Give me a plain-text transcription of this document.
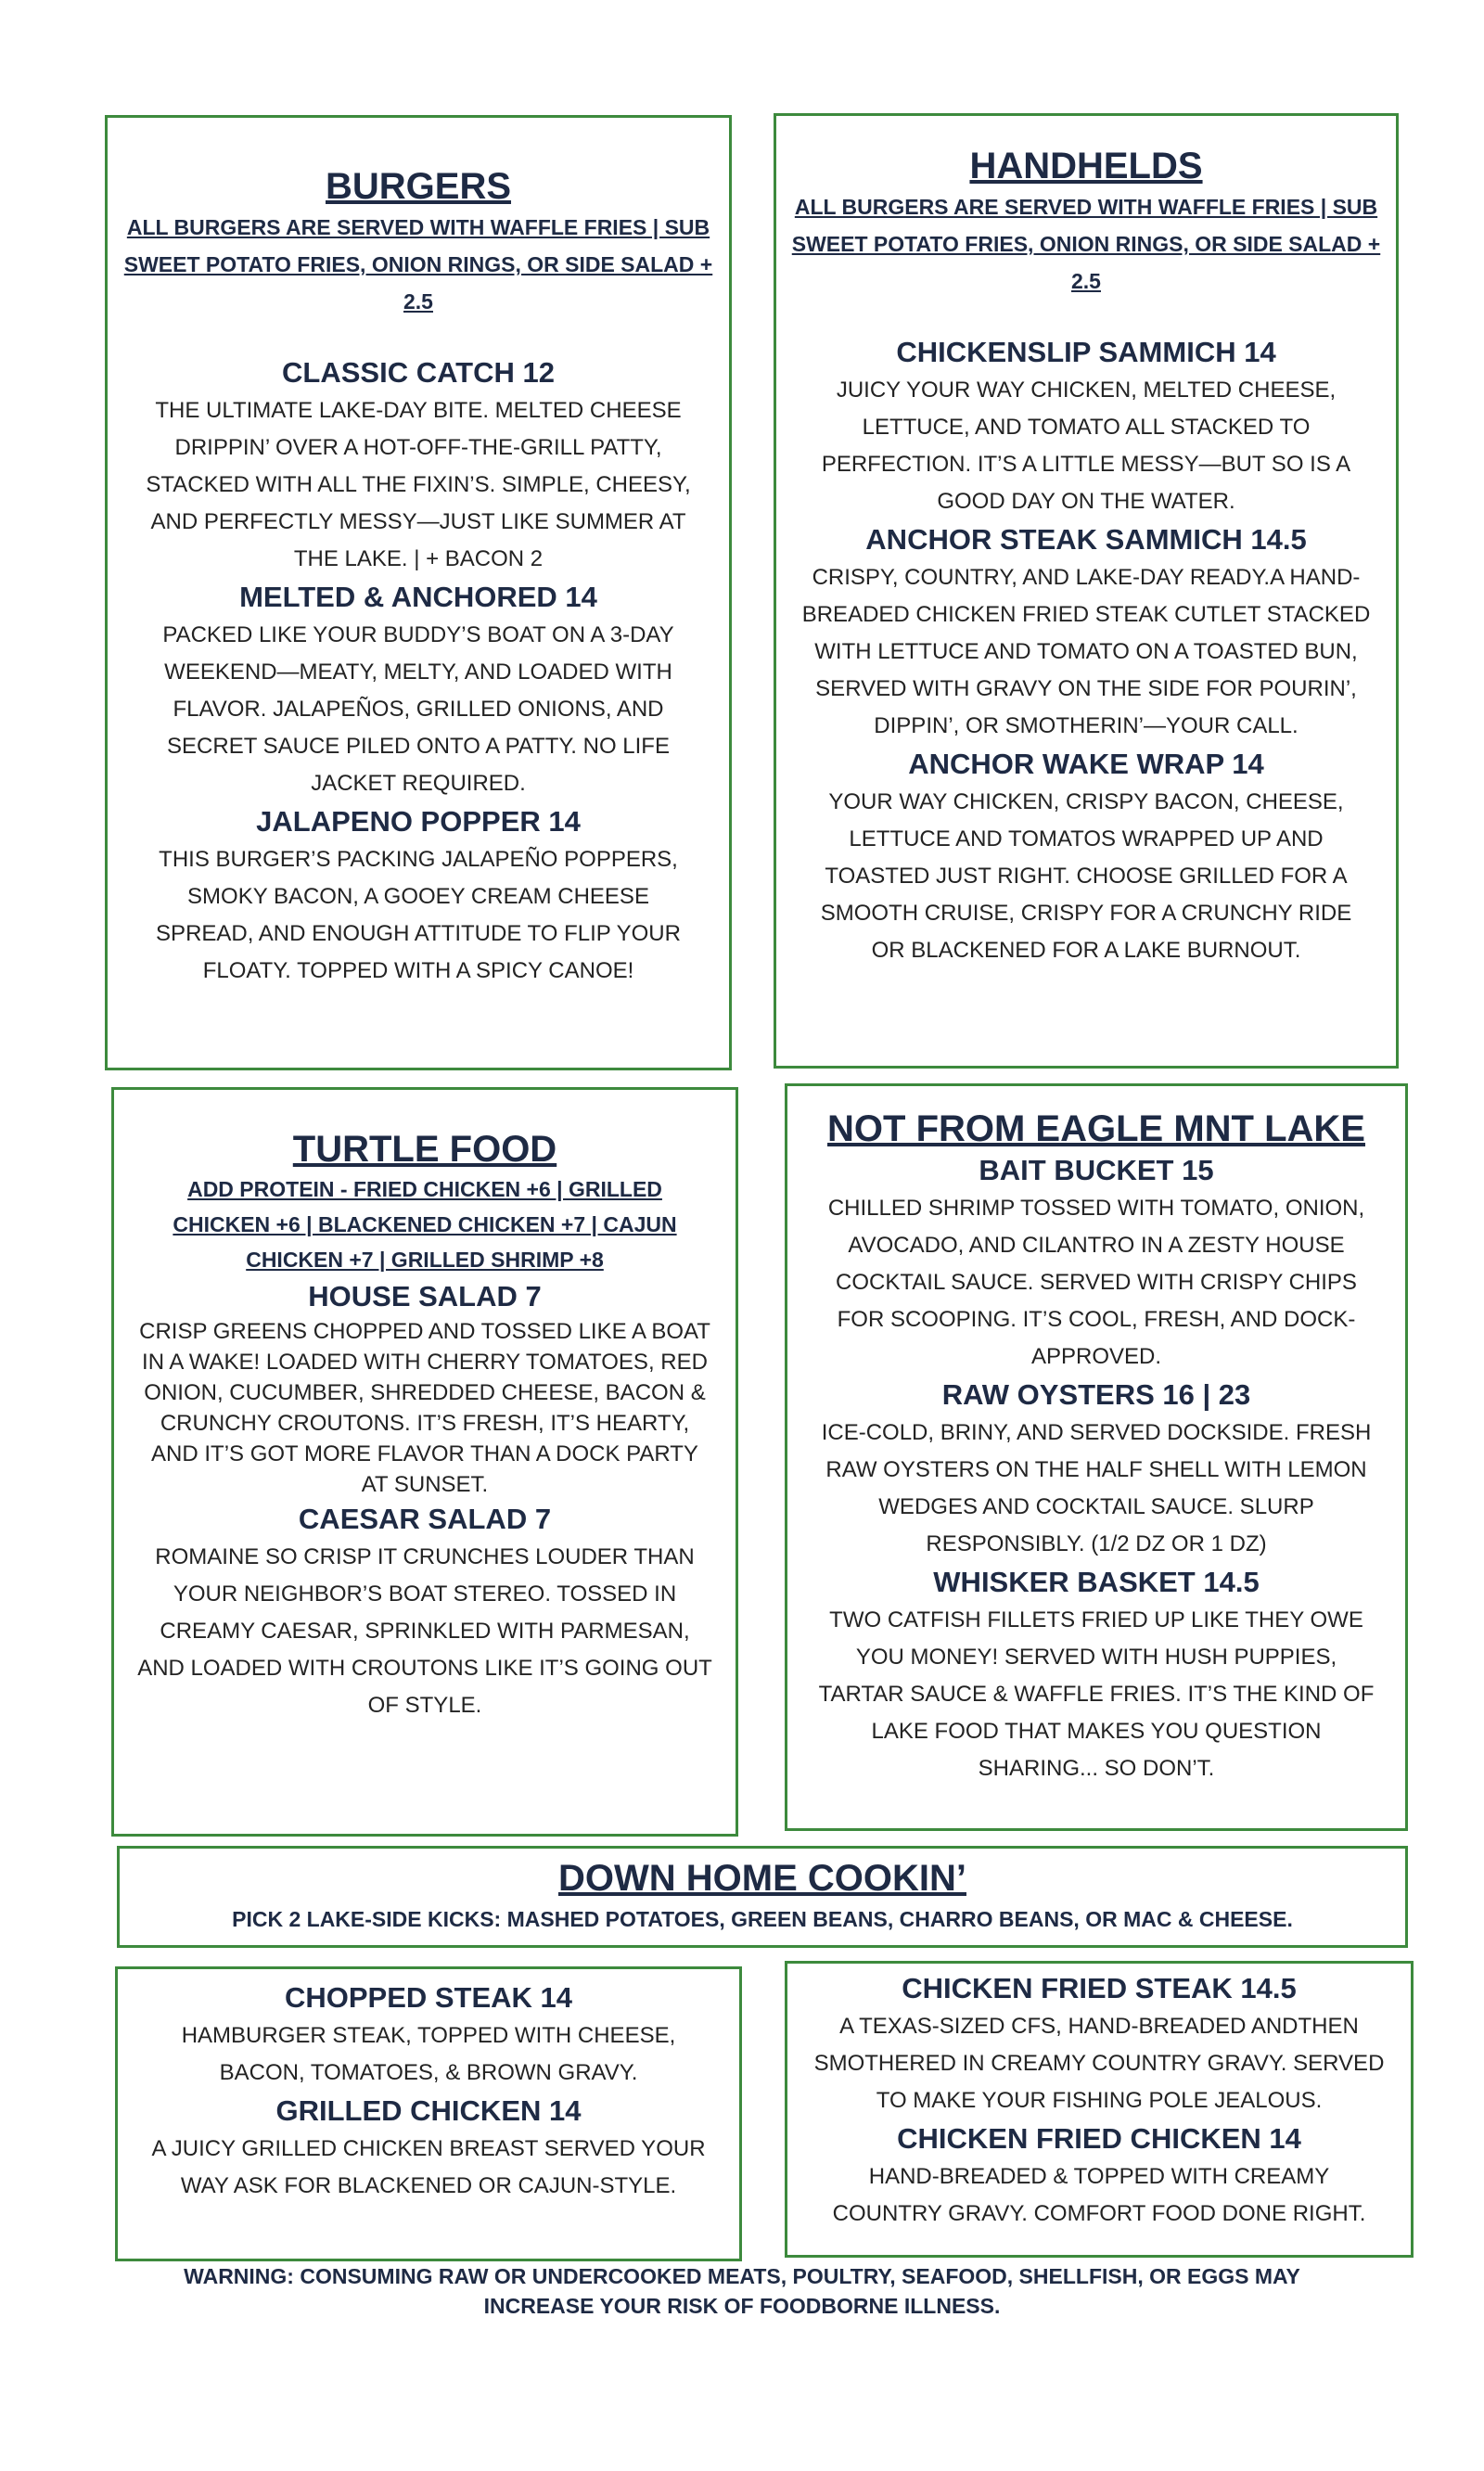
BURGERS

ALL BURGERS ARE SERVED WITH WAFFLE FRIES | SUB SWEET POTATO FRIES, ONION RINGS, OR SIDE SALAD + 2.5

CLASSIC CATCH 12

THE ULTIMATE LAKE-DAY BITE. MELTED CHEESE DRIPPIN’ OVER A HOT-OFF-THE-GRILL PATTY, STACKED WITH ALL THE FIXIN’S. SIMPLE, CHEESY, AND PERFECTLY MESSY—JUST LIKE SUMMER AT THE LAKE. | + BACON 2

MELTED & ANCHORED 14

PACKED LIKE YOUR BUDDY’S BOAT ON A 3-DAY WEEKEND—MEATY, MELTY, AND LOADED WITH FLAVOR. JALAPEÑOS, GRILLED ONIONS, AND SECRET SAUCE PILED ONTO A PATTY. NO LIFE JACKET REQUIRED.

JALAPENO POPPER 14

THIS BURGER’S PACKING JALAPEÑO POPPERS, SMOKY BACON, A GOOEY CREAM CHEESE SPREAD, AND ENOUGH ATTITUDE TO FLIP YOUR FLOATY. TOPPED WITH A SPICY CANOE!

HANDHELDS

ALL BURGERS ARE SERVED WITH WAFFLE FRIES | SUB SWEET POTATO FRIES, ONION RINGS, OR SIDE SALAD + 2.5

CHICKENSLIP SAMMICH 14

JUICY YOUR WAY CHICKEN, MELTED CHEESE, LETTUCE, AND TOMATO ALL STACKED TO PERFECTION. IT’S A LITTLE MESSY—BUT SO IS A GOOD DAY ON THE WATER.

ANCHOR STEAK SAMMICH 14.5

CRISPY, COUNTRY, AND LAKE-DAY READY.A HAND-BREADED CHICKEN FRIED STEAK CUTLET STACKED WITH LETTUCE AND TOMATO ON A TOASTED BUN, SERVED WITH GRAVY ON THE SIDE FOR POURIN’, DIPPIN’, OR SMOTHERIN’—YOUR CALL.

ANCHOR WAKE WRAP 14

YOUR WAY CHICKEN, CRISPY BACON, CHEESE, LETTUCE AND TOMATOS WRAPPED UP AND TOASTED JUST RIGHT. CHOOSE GRILLED FOR A SMOOTH CRUISE, CRISPY FOR A CRUNCHY RIDE OR BLACKENED FOR A LAKE BURNOUT.

TURTLE FOOD

ADD PROTEIN - FRIED CHICKEN +6 | GRILLED CHICKEN +6 | BLACKENED CHICKEN +7 | CAJUN CHICKEN +7 | GRILLED SHRIMP +8

HOUSE SALAD 7

CRISP GREENS CHOPPED AND TOSSED LIKE A BOAT IN A WAKE! LOADED WITH CHERRY TOMATOES, RED ONION, CUCUMBER, SHREDDED CHEESE, BACON & CRUNCHY CROUTONS. IT’S FRESH, IT’S HEARTY, AND IT’S GOT MORE FLAVOR THAN A DOCK PARTY AT SUNSET.

CAESAR SALAD 7

ROMAINE SO CRISP IT CRUNCHES LOUDER THAN YOUR NEIGHBOR’S BOAT STEREO. TOSSED IN CREAMY CAESAR, SPRINKLED WITH PARMESAN, AND LOADED WITH CROUTONS LIKE IT’S GOING OUT OF STYLE.

NOT FROM EAGLE MNT LAKE
BAIT BUCKET 15

CHILLED SHRIMP TOSSED WITH TOMATO, ONION, AVOCADO, AND CILANTRO IN A ZESTY HOUSE COCKTAIL SAUCE. SERVED WITH CRISPY CHIPS FOR SCOOPING. IT’S COOL, FRESH, AND DOCK-APPROVED.

RAW OYSTERS 16 | 23

ICE-COLD, BRINY, AND SERVED DOCKSIDE. FRESH RAW OYSTERS ON THE HALF SHELL WITH LEMON WEDGES AND COCKTAIL SAUCE. SLURP RESPONSIBLY. (1/2 DZ OR 1 DZ)

WHISKER BASKET 14.5

TWO CATFISH FILLETS FRIED UP LIKE THEY OWE YOU MONEY! SERVED WITH HUSH PUPPIES, TARTAR SAUCE & WAFFLE FRIES. IT’S THE KIND OF LAKE FOOD THAT MAKES YOU QUESTION SHARING... SO DON’T.

DOWN HOME COOKIN’

PICK 2 LAKE-SIDE KICKS: MASHED POTATOES, GREEN BEANS, CHARRO BEANS, OR MAC & CHEESE.

CHOPPED STEAK 14

HAMBURGER STEAK, TOPPED WITH CHEESE, BACON, TOMATOES, & BROWN GRAVY.

GRILLED CHICKEN 14

A JUICY GRILLED CHICKEN BREAST SERVED YOUR WAY ASK FOR BLACKENED OR CAJUN-STYLE.

CHICKEN FRIED STEAK 14.5

A TEXAS-SIZED CFS, HAND-BREADED ANDTHEN SMOTHERED IN CREAMY COUNTRY GRAVY. SERVED TO MAKE YOUR FISHING POLE JEALOUS.

CHICKEN FRIED CHICKEN 14

HAND-BREADED & TOPPED WITH CREAMY COUNTRY GRAVY. COMFORT FOOD DONE RIGHT.

WARNING: CONSUMING RAW OR UNDERCOOKED MEATS, POULTRY, SEAFOOD, SHELLFISH, OR EGGS MAY INCREASE YOUR RISK OF FOODBORNE ILLNESS.
